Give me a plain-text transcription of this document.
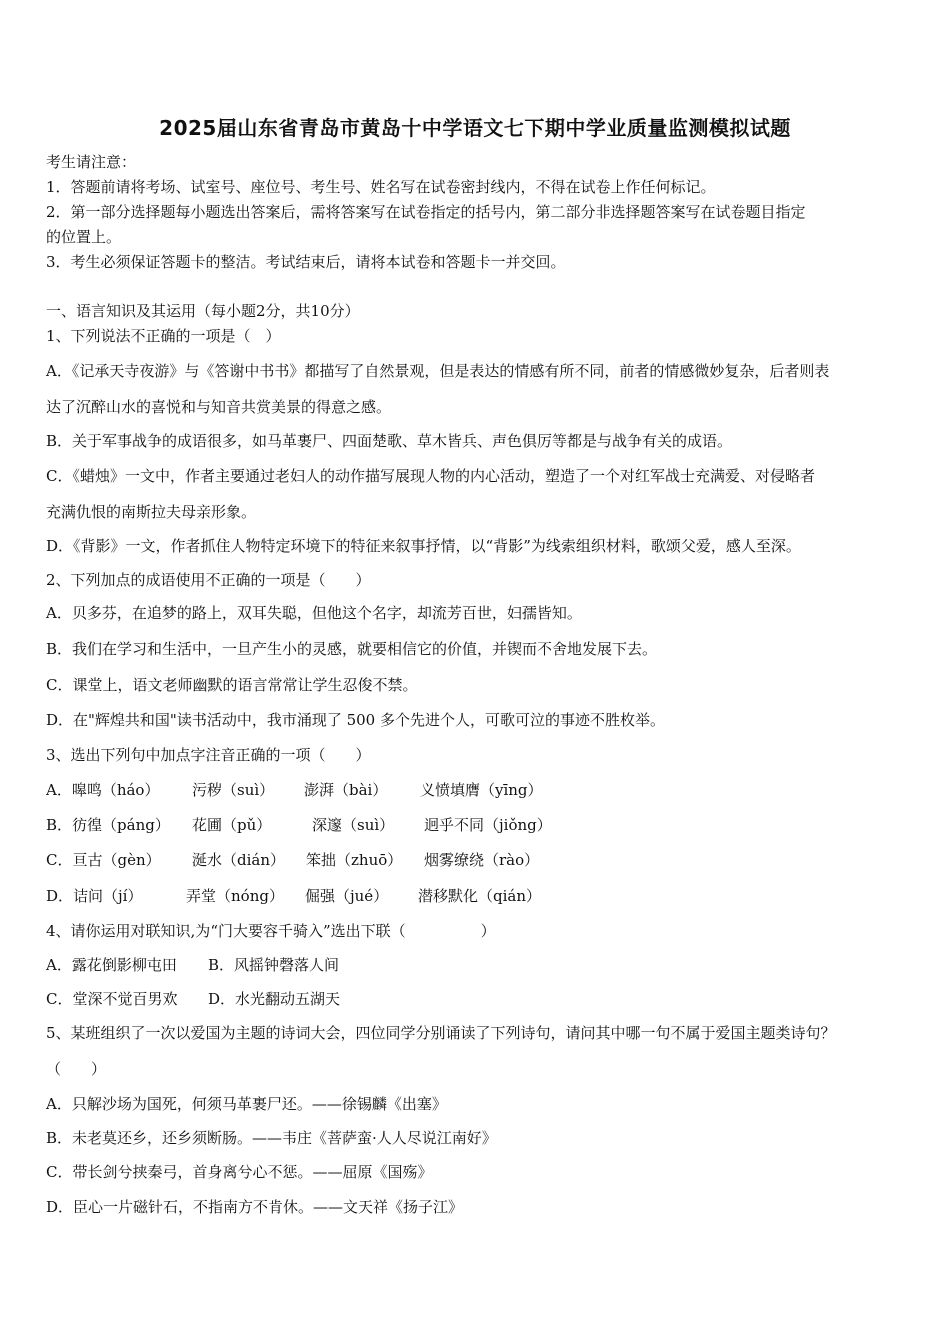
2025届山东省青岛市黄岛十中学语文七下期中学业质量监测模拟试题
考生请注意：
1．答题前请将考场、试室号、座位号、考生号、姓名写在试卷密封线内，不得在试卷上作任何标记。
2．第一部分选择题每小题选出答案后，需将答案写在试卷指定的括号内，第二部分非选择题答案写在试卷题目指定
的位置上。
3．考生必须保证答题卡的整洁。考试结束后，请将本试卷和答题卡一并交回。
一、语言知识及其运用（每小题2分，共10分）
1、下列说法不正确的一项是（　）
A．《记承天寺夜游》与《答谢中书书》都描写了自然景观，但是表达的情感有所不同，前者的情感微妙复杂，后者则表
达了沉醉山水的喜悦和与知音共赏美景的得意之感。
B．关于军事战争的成语很多，如马革裹尸、四面楚歌、草木皆兵、声色俱厉等都是与战争有关的成语。
C．《蜡烛》一文中，作者主要通过老妇人的动作描写展现人物的内心活动，塑造了一个对红军战士充满爱、对侵略者
充满仇恨的南斯拉夫母亲形象。
D．《背影》一文，作者抓住人物特定环境下的特征来叙事抒情，以“背影”为线索组织材料，歌颂父爱，感人至深。
2、下列加点的成语使用不正确的一项是（　　）
A．贝多芬，在追梦的路上，双耳失聪，但他这个名字，却流芳百世，妇孺皆知。
B．我们在学习和生活中，一旦产生小的灵感，就要相信它的价值，并锲而不舍地发展下去。
C．课堂上，语文老师幽默的语言常常让学生忍俊不禁。
D．在"辉煌共和国"读书活动中，我市涌现了 500 多个先进个人，可歌可泣的事迹不胜枚举。
3、选出下列句中加点字注音正确的一项（　　）
A．嗥鸣（háo） 污秽（suì） 澎湃（bài） 义愤填膺（yīng）
B．彷徨（páng） 花圃（pǔ）	深邃（suì） 迥乎不同（jiǒng）
C．亘古（gèn） 涎水（dián） 笨拙（zhuō） 烟雾缭绕（rào）
D．诘问（jí）	弄堂（nóng） 倔强（jué） 潜移默化（qián）
4、请你运用对联知识,为“门大要容千骑入”选出下联（　　　　　）
A．露花倒影柳屯田 B．风摇钟磬落人间
C．堂深不觉百男欢 D．水光翻动五湖天
5、某班组织了一次以爱国为主题的诗词大会，四位同学分别诵读了下列诗句，请问其中哪一句不属于爱国主题类诗句？
（　　）
A．只解沙场为国死，何须马革裹尸还。——徐锡麟《出塞》
B．未老莫还乡，还乡须断肠。——韦庄《菩萨蛮·人人尽说江南好》
C．带长剑兮挟秦弓，首身离兮心不惩。——屈原《国殇》
D．臣心一片磁针石，不指南方不肯休。——文天祥《扬子江》
